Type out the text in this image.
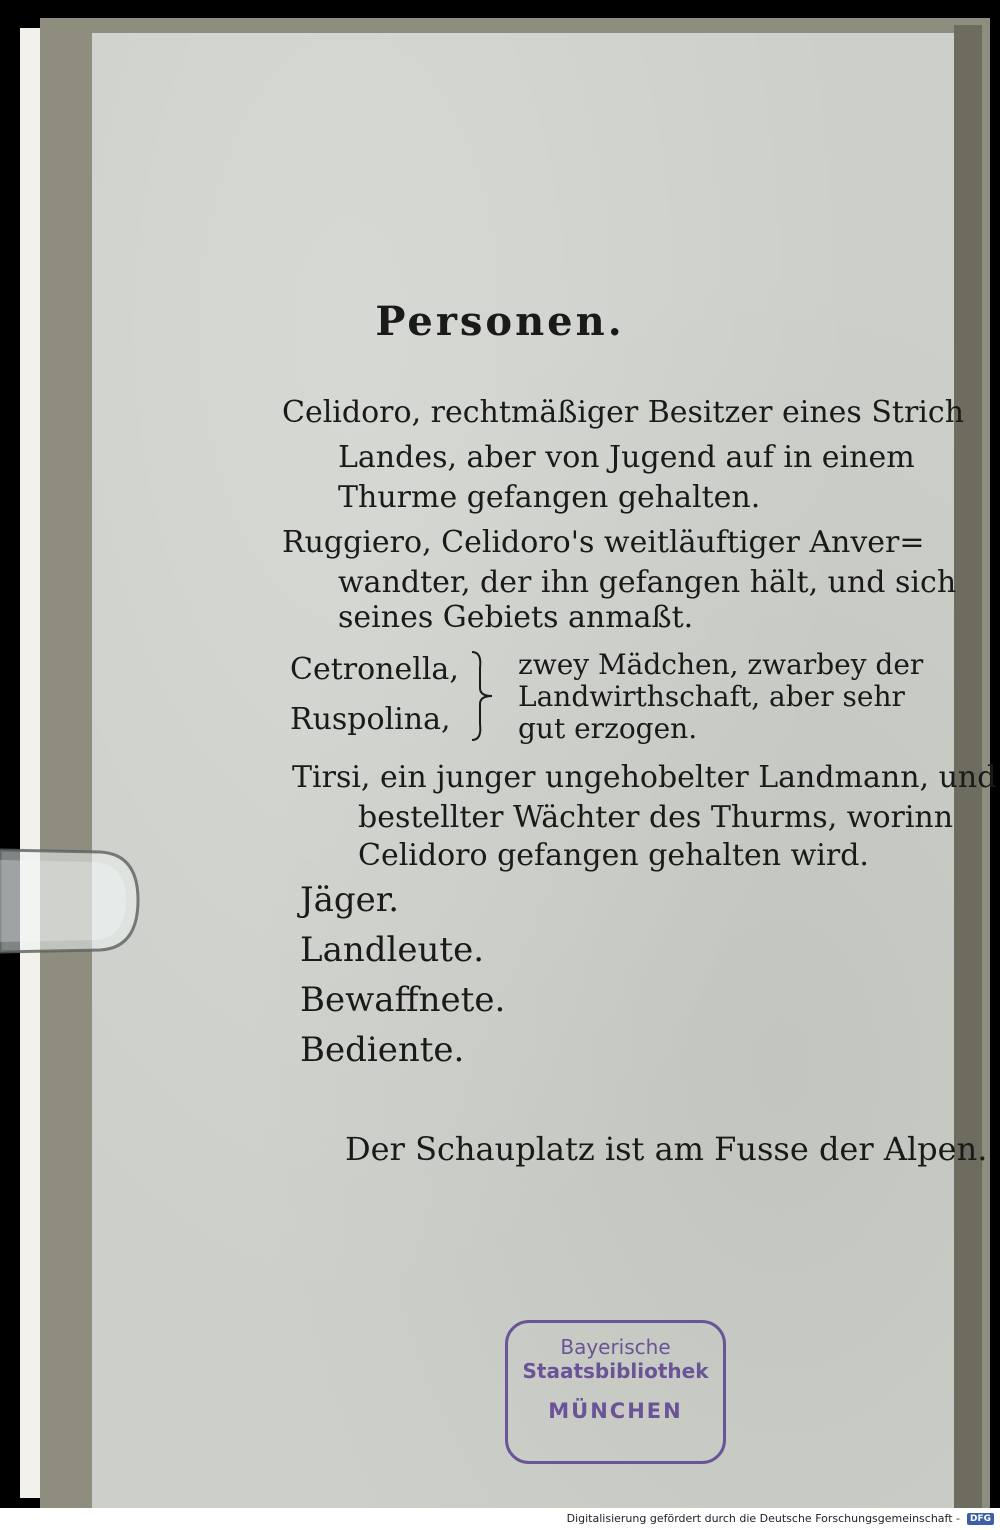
Personen.
Celidoro, rechtmäßiger Besitzer eines Strich
Landes, aber von Jugend auf in einem
Thurme gefangen gehalten.
Ruggiero, Celidoro's weitläuftiger Anver=
wandter, der ihn gefangen hält, und sich
seines Gebiets anmaßt.
Cetronella,
Ruspolina,
zwey Mädchen, zwarbey der
Landwirthschaft, aber sehr
gut erzogen.
Tirsi, ein junger ungehobelter Landmann, und
bestellter Wächter des Thurms, worinn
Celidoro gefangen gehalten wird.
Jäger.
Landleute.
Bewaffnete.
Bediente.
Der Schauplatz ist am Fusse der Alpen.
Bayerische
Staatsbibliothek
MÜNCHEN
Digitalisierung gefördert durch die Deutsche Forschungsgemeinschaft -	DFG
